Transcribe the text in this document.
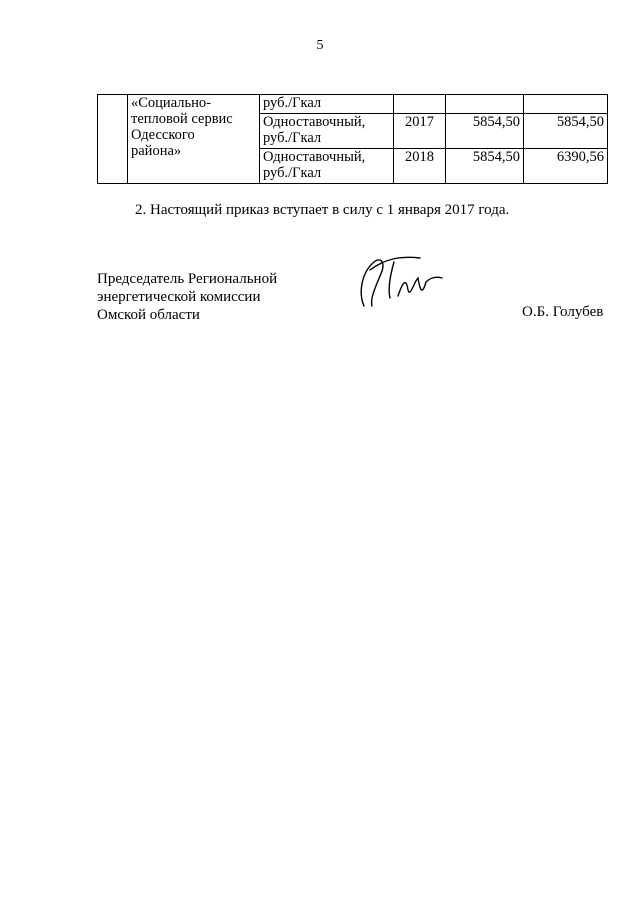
5

	«Социально-
тепловой сервис
Одесского
района»	руб./Гкал			

		Одноставочный,
руб./Гкал	2017	5854,50	5854,50

		Одноставочный,
руб./Гкал	2018	5854,50	6390,56
2. Настоящий приказ вступает в силу с 1 января 2017 года.
Председатель Региональной
энергетической комиссии
Омской области	О.Б. Голубев
